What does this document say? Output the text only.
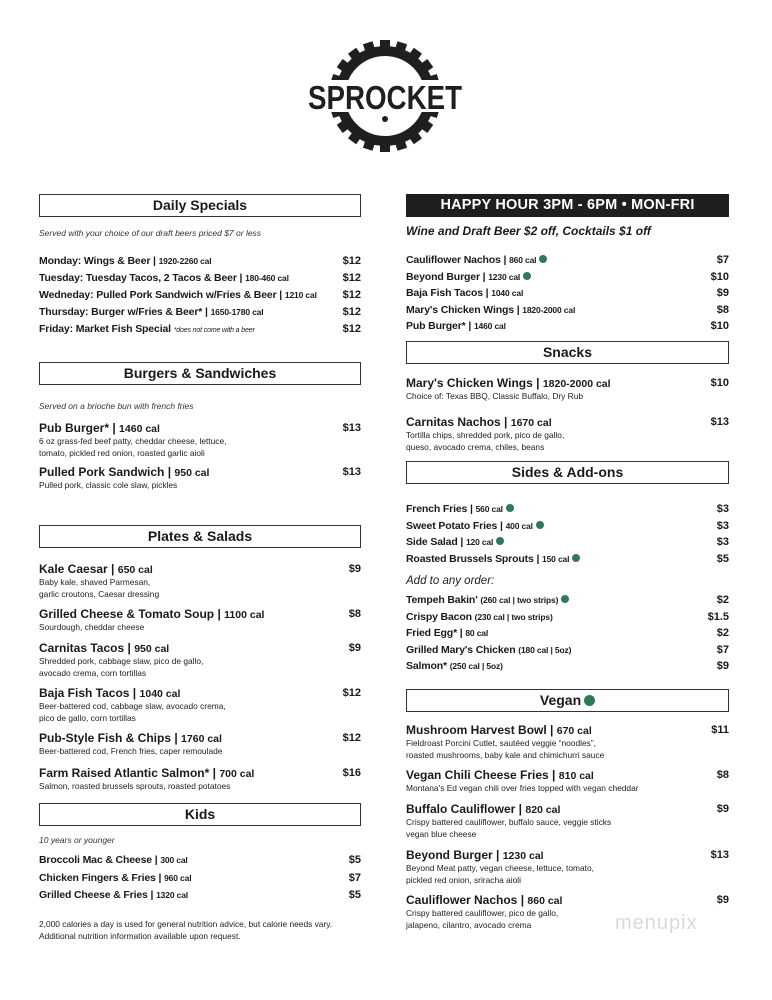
SPROCKET
Daily Specials
Served with your choice of our draft beers priced $7 or less
Monday: Wings & Beer | 1920-2260 cal	$12
Tuesday: Tuesday Tacos, 2 Tacos & Beer | 180-460 cal	$12
Wedneday: Pulled Pork Sandwich w/Fries & Beer | 1210 cal	$12
Thursday: Burger w/Fries & Beer* | 1650-1780 cal	$12
Friday: Market Fish Special *does not come with a beer	$12
Burgers & Sandwiches
Served on a brioche bun with french fries
Pub Burger* | 1460 cal	$13
6 oz grass-fed beef patty, cheddar cheese, lettuce,
tomato, pickled red onion, roasted garlic aioli
Pulled Pork Sandwich | 950 cal	$13
Pulled pork, classic cole slaw, pickles
Plates & Salads
Kale Caesar | 650 cal	$9
Baby kale, shaved Parmesan,
garlic croutons, Caesar dressing
Grilled Cheese & Tomato Soup | 1100 cal	$8
Sourdough, cheddar cheese
Carnitas Tacos | 950 cal	$9
Shredded pork, cabbage slaw, pico de gallo,
avocado crema, corn tortillas
Baja Fish Tacos | 1040 cal	$12
Beer-battered cod, cabbage slaw, avocado crema,
pico de gallo, corn tortillas
Pub-Style Fish & Chips | 1760 cal	$12
Beer-battered cod, French fries, caper remoulade
Farm Raised Atlantic Salmon* | 700 cal	$16
Salmon, roasted brussels sprouts, roasted potatoes
Kids
10 years or younger
Broccoli Mac & Cheese | 300 cal	$5
Chicken Fingers & Fries | 960 cal	$7
Grilled Cheese & Fries | 1320 cal	$5
HAPPY HOUR 3PM - 6PM • MON-FRI
Wine and Draft Beer $2 off, Cocktails $1 off
Cauliflower Nachos | 860 cal	$7
Beyond Burger | 1230 cal	$10
Baja Fish Tacos | 1040 cal	$9
Mary's Chicken Wings | 1820-2000 cal	$8
Pub Burger* | 1460 cal	$10
Snacks
Mary's Chicken Wings | 1820-2000 cal	$10
Choice of: Texas BBQ, Classic Buffalo, Dry Rub
Carnitas Nachos | 1670 cal	$13
Tortilla chips, shredded pork, pico de gallo,
queso, avocado crema, chiles, beans
Sides & Add-ons
Add to any order:
French Fries | 560 cal	$3
Sweet Potato Fries | 400 cal	$3
Side Salad | 120 cal	$3
Roasted Brussels Sprouts | 150 cal	$5
Tempeh Bakin' (260 cal | two strips)	$2
Crispy Bacon (230 cal | two strips)	$1.5
Fried Egg* | 80 cal	$2
Grilled Mary's Chicken (180 cal | 5oz)	$7
Salmon* (250 cal | 5oz)	$9
Vegan
Mushroom Harvest Bowl | 670 cal	$11
Fieldroast Porcini Cutlet, sautéed veggie “noodles”,
roasted mushrooms, baby kale and chimichurri sauce
Vegan Chili Cheese Fries | 810 cal	$8
Montana's Ed vegan chili over fries topped with vegan cheddar
Buffalo Cauliflower | 820 cal	$9
Crispy battered cauliflower, buffalo sauce, veggie sticks
vegan blue cheese
Beyond Burger | 1230 cal	$13
Beyond Meat patty, vegan cheese, lettuce, tomato,
pickled red onion, sriracha aioli
Cauliflower Nachos | 860 cal	$9
Crispy battered cauliflower, pico de gallo,
jalapeno, cilantro, avocado crema
2,000 calories a day is used for general nutrition advice, but calorie needs vary.
Additional nutrition information available upon request.
menupix
